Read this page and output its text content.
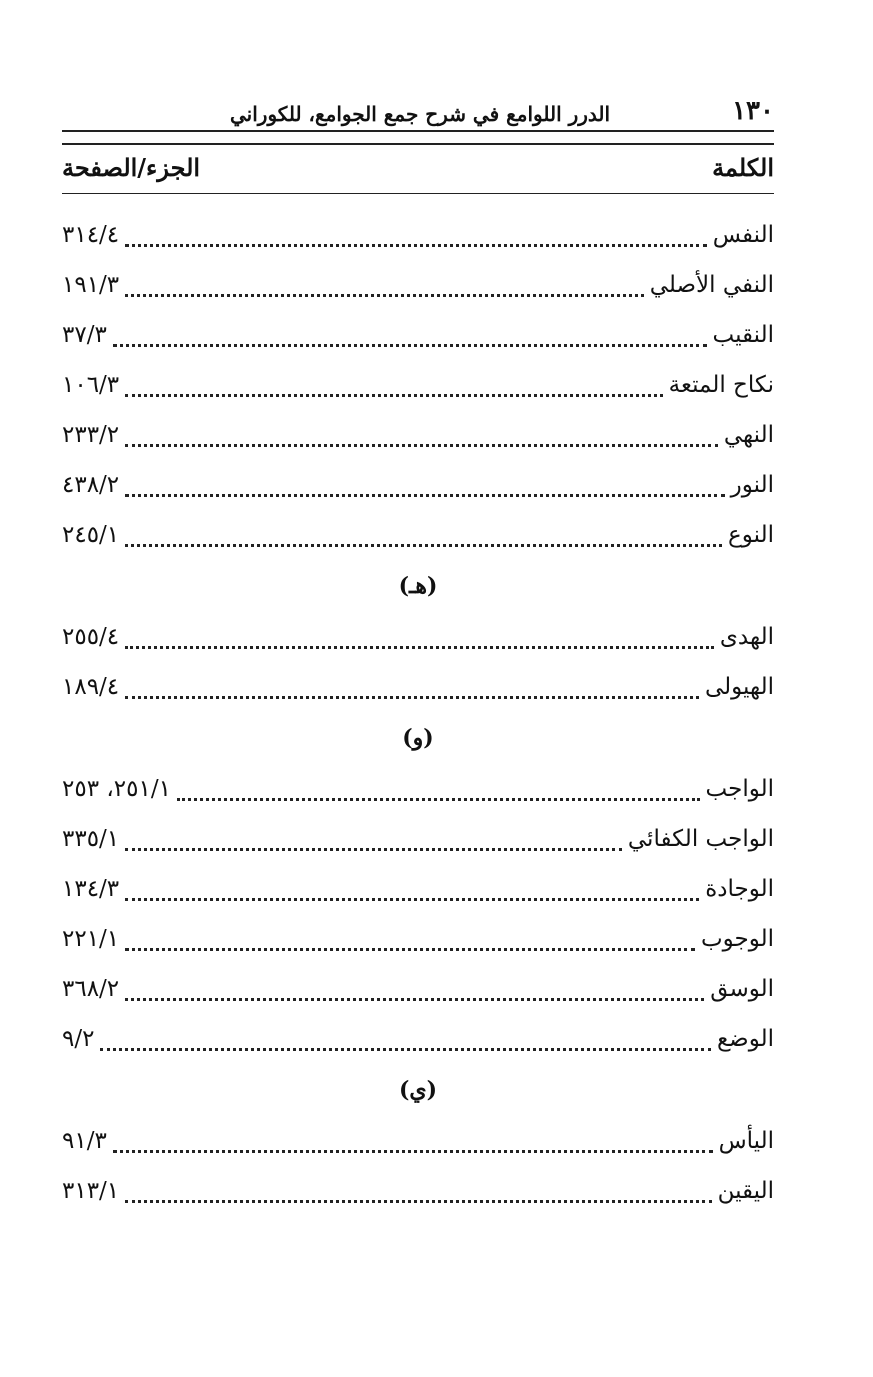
١٣٠
الدرر اللوامع في شرح جمع الجوامع، للكوراني
الكلمة
الجزء/الصفحة
النفس
٣١٤/٤
النفي الأصلي
١٩١/٣
النقيب
٣٧/٣
نكاح المتعة
١٠٦/٣
النهي
٢٣٣/٢
النور
٤٣٨/٢
النوع
٢٤٥/١
(هـ)
الهدى
٢٥٥/٤
الهيولى
١٨٩/٤
(و)
الواجب
٢٥١/١، ٢٥٣
الواجب الكفائي
٣٣٥/١
الوجادة
١٣٤/٣
الوجوب
٢٢١/١
الوسق
٣٦٨/٢
الوضع
٩/٢
(ي)
اليأس
٩١/٣
اليقين
٣١٣/١
